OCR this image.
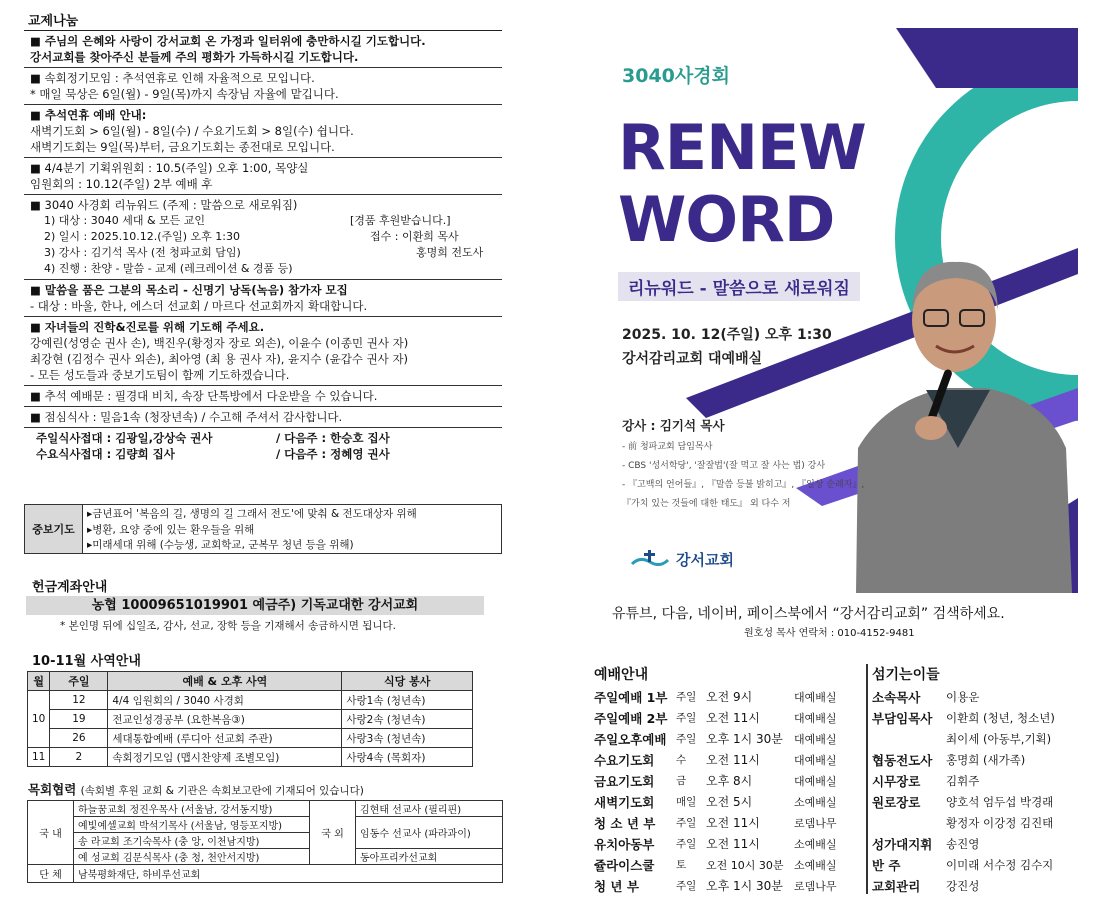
교제나눔
■ 주님의 은혜와 사랑이 강서교회 온 가정과 일터위에 충만하시길 기도합니다.
강서교회를 찾아주신 분들께 주의 평화가 가득하시길 기도합니다.
■ 속회정기모임 : 추석연휴로 인해 자율적으로 모입니다.
* 매일 묵상은 6일(월) - 9일(목)까지 속장님 자율에 맡깁니다.
■ 추석연휴 예배 안내:
새벽기도회 > 6일(월) - 8일(수) / 수요기도회 > 8일(수) 쉽니다.
새벽기도회는 9일(목)부터, 금요기도회는 종전대로 모입니다.
■ 4/4분기 기획위원회 : 10.5(주일) 오후 1:00, 목양실
임원회의 : 10.12(주일) 2부 예배 후
■ 3040 사경회 리뉴워드 (주제 : 말씀으로 새로워짐)
1) 대상 : 3040 세대 & 모든 교인	[경품 후원받습니다.]
2) 일시 : 2025.10.12.(주일) 오후 1:30	접수 : 이환희 목사
3) 강사 : 김기석 목사 (전 청파교회 담임)	홍명희 전도사
4) 진행 : 찬양 - 말씀 - 교제 (레크레이션 & 경품 등)
■ 말씀을 품은 그분의 목소리 - 신명기 낭독(녹음) 참가자 모집
- 대상 : 바울, 한나, 에스더 선교회 / 마르다 선교회까지 확대합니다.
■ 자녀들의 진학&진로를 위해 기도해 주세요.
강예린(성영순 권사 손), 백진우(황정자 장로 외손), 이윤수 (이종민 권사 자)
최강현 (김정수 권사 외손), 최아영 (최 용 권사 자), 윤지수 (윤갑수 권사 자)
- 모든 성도들과 중보기도팀이 함께 기도하겠습니다.
■ 추석 예배문 : 필경대 비치, 속장 단톡방에서 다운받을 수 있습니다.
■ 점심식사 : 밀음1속 (청장년속) / 수고해 주셔서 감사합니다.
주일식사접대 : 김광일,강상숙 권사	/ 다음주 : 한승호 집사
수요식사접대 : 김량희 집사	/ 다음주 : 정혜영 권사
중보기도
▸금년표어 '복음의 길, 생명의 길 그래서 전도'에 맞춰 & 전도대상자 위해
▸병환, 요양 중에 있는 환우들을 위해
▸미래세대 위해 (수능생, 교회학교, 군복무 청년 등을 위해)
헌금계좌안내
농협 10009651019901 예금주) 기독교대한 강서교회
* 본인명 뒤에 십일조, 감사, 선교, 장학 등을 기재해서 송금하시면 됩니다.
10-11월 사역안내
월	주일	예배 & 오후 사역	식당 봉사
10	12	4/4 임원회의 / 3040 사경회	사랑1속 (청년속)
	19	전교인성경공부 (요한복음③)	사랑2속 (청년속)
	26	세대통합예배 (루디아 선교회 주관)	사랑3속 (청년속)
11	2	속회정기모임 (맵시찬양제 조별모임)	사랑4속 (목회자)
목회협력 (속회별 후원 교회 & 기관은 속회보고란에 기재되어 있습니다)
국 내	하늘꿈교회 정진우목사 (서울남, 강서동지방)	국 외	김현태 선교사 (필리핀)
	예빛예셀교회 박석기목사 (서울남, 영등포지방)		임동수 선교사 (파라과이)
	송 라교회 조기숙목사 (충 앙, 이천남지방)		
	예 성교회 김문식목사 (충 청, 천안서지방)		동아프리카선교회
단 체	남북평화재단, 하비루선교회		
3040사경회
RENEW
WORD
리뉴워드 - 말씀으로 새로워짐
2025. 10. 12(주일) 오후 1:30
강서감리교회 대예배실
강사 : 김기석 목사
- 前 청파교회 담임목사
- CBS '성서학당', '잘잘법'(잘 먹고 잘 사는 법) 강사
- 『고백의 언어들』, 『말씀 등불 밝히고』, 『일상 순례자』,
『가치 있는 것들에 대한 태도』 외 다수 저
강서교회
유튜브, 다음, 네이버, 페이스북에서 “강서감리교회” 검색하세요.
원호성 목사 연락처 : 010-4152-9481
예배안내
주일예배 1부 주일 오전 9시	대예배실
주일예배 2부 주일 오전 11시	대예배실
주일오후예배 주일 오후 1시 30분	대예배실
수요기도회	수	오전 11시	대예배실
금요기도회	금	오후 8시	대예배실
새벽기도회	매일 오전 5시	소예배실
청 소 년 부	주일 오전 11시	로뎀나무
유치아동부	주일 오전 11시	소예배실
쥴라이스쿨	토	오전 10시 30분 소예배실
청 년 부	주일 오후 1시 30분	로뎀나무
섬기는이들
소속목사	이용운
부담임목사	이환희 (청년, 청소년)
최이세 (아동부,기획)
협동전도사	홍명희 (새가족)
시무장로	김휘주
원로장로	양호석 엄두섭 박경래
황정자 이강정 김진태
성가대지휘	송진영
반 주	이미래 서수정 김수지
교회관리	강진성
